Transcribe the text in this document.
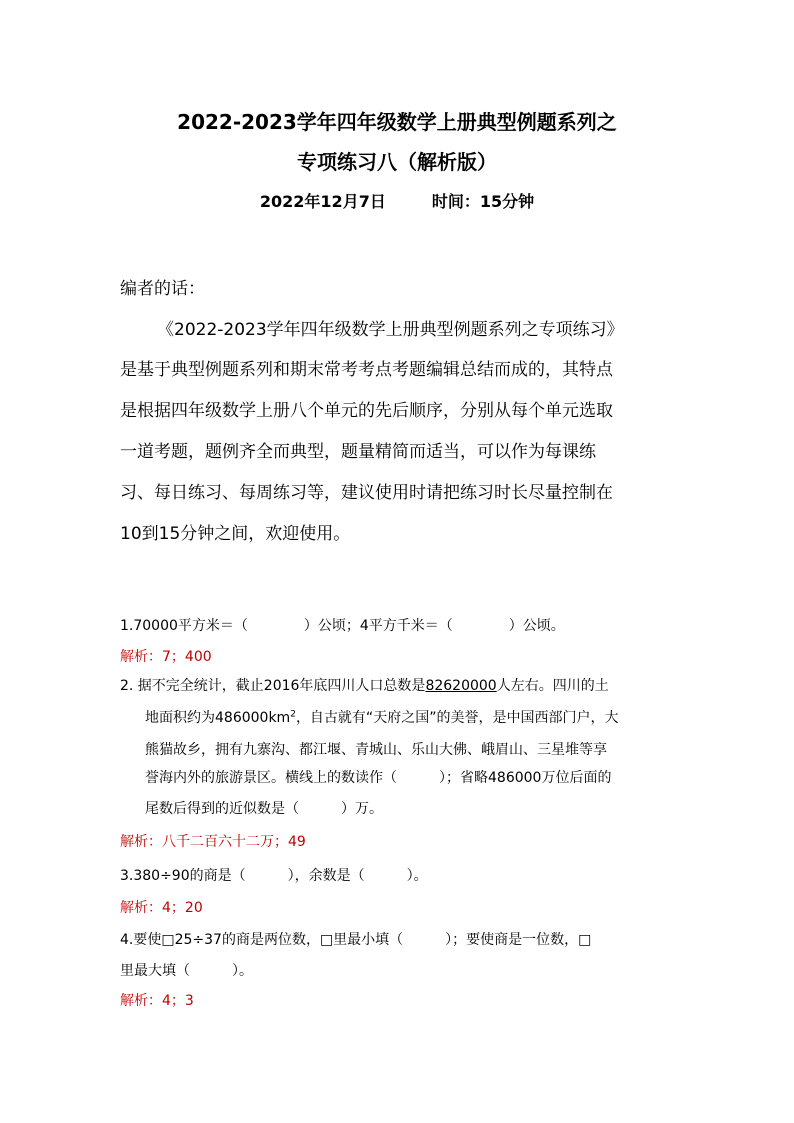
2022-2023学年四年级数学上册典型例题系列之
专项练习八（解析版）
2022年12月7日	时间：15分钟
编者的话：
《2022-2023学年四年级数学上册典型例题系列之专项练习》
是基于典型例题系列和期末常考考点考题编辑总结而成的，其特点
是根据四年级数学上册八个单元的先后顺序，分别从每个单元选取
一道考题，题例齐全而典型，题量精简而适当，可以作为每课练
习、每日练习、每周练习等，建议使用时请把练习时长尽量控制在
10到15分钟之间，欢迎使用。
1.70000平方米＝（　　　　）公顷；4平方千米＝（　　　　）公顷。
解析：7；400
2. 据不完全统计，截止2016年底四川人口总数是82620000人左右。四川的土
地面积约为$486000km^2$，自古就有“天府之国”的美誉，是中国西部门户，大
熊猫故乡，拥有九寨沟、都江堰、青城山、乐山大佛、峨眉山、三星堆等享
誉海内外的旅游景区。横线上的数读作（　　　）；省略486000万位后面的
尾数后得到的近似数是（　　　）万。
解析：八千二百六十二万；49
3.380÷90的商是（　　　），余数是（　　　）。
解析：4；20
4.要使□25÷37的商是两位数，□里最小填（　　　）；要使商是一位数，□
里最大填（　　　）。
解析：4；3
